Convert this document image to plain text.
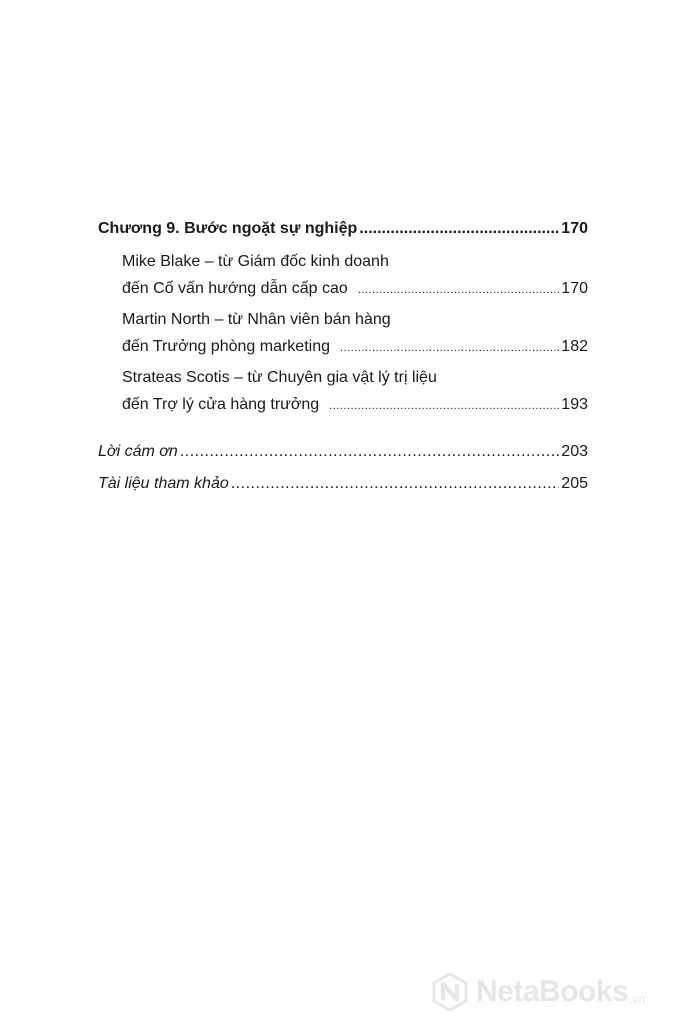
Chương 9. Bước ngoặt sự nghiệp .....	170
Mike Blake – từ Giám đốc kinh doanh
đến Cố vấn hướng dẫn cấp cao .....	170
Martin North – từ Nhân viên bán hàng
đến Trưởng phòng marketing .....	182
Strateas Scotis – từ Chuyên gia vật lý trị liệu
đến Trợ lý cửa hàng trưởng .....	193
Lời cám ơn .....	203
Tài liệu tham khảo .....	205
NetaBooks .vn
